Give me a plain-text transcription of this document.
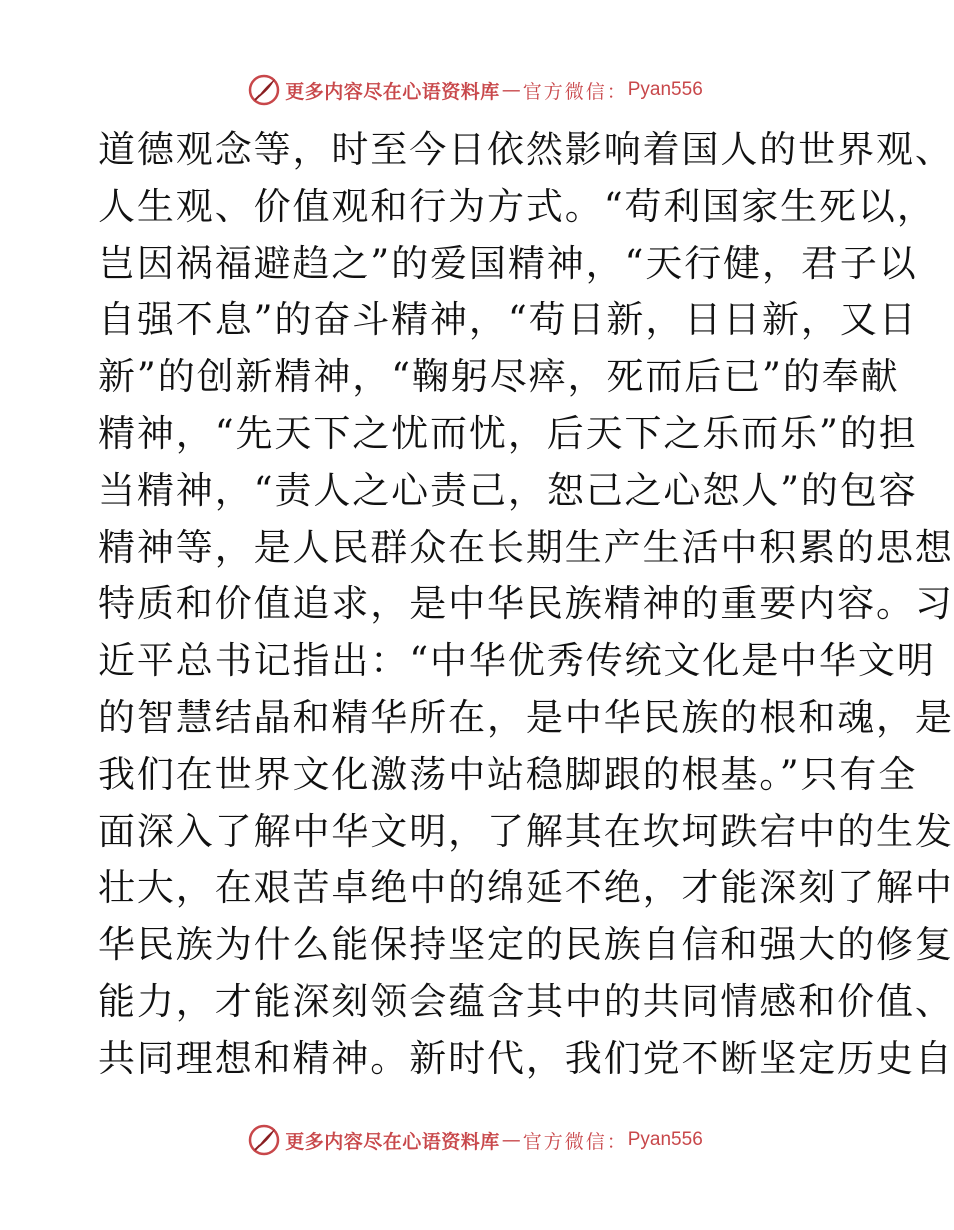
更多内容尽在心语资料库 — 官方微信： Pyan556
道德观念等，时至今日依然影响着国人的世界观、
人生观、价值观和行为方式。“苟利国家生死以，
岂因祸福避趋之”的爱国精神，“天行健，君子以
自强不息”的奋斗精神，“苟日新，日日新，又日
新”的创新精神，“鞠躬尽瘁，死而后已”的奉献
精神，“先天下之忧而忧，后天下之乐而乐”的担
当精神，“责人之心责己，恕己之心恕人”的包容
精神等，是人民群众在长期生产生活中积累的思想
特质和价值追求，是中华民族精神的重要内容。习
近平总书记指出：“中华优秀传统文化是中华文明
的智慧结晶和精华所在，是中华民族的根和魂，是
我们在世界文化激荡中站稳脚跟的根基。”只有全
面深入了解中华文明，了解其在坎坷跌宕中的生发
壮大，在艰苦卓绝中的绵延不绝，才能深刻了解中
华民族为什么能保持坚定的民族自信和强大的修复
能力，才能深刻领会蕴含其中的共同情感和价值、
共同理想和精神。新时代，我们党不断坚定历史自
更多内容尽在心语资料库 — 官方微信： Pyan556
